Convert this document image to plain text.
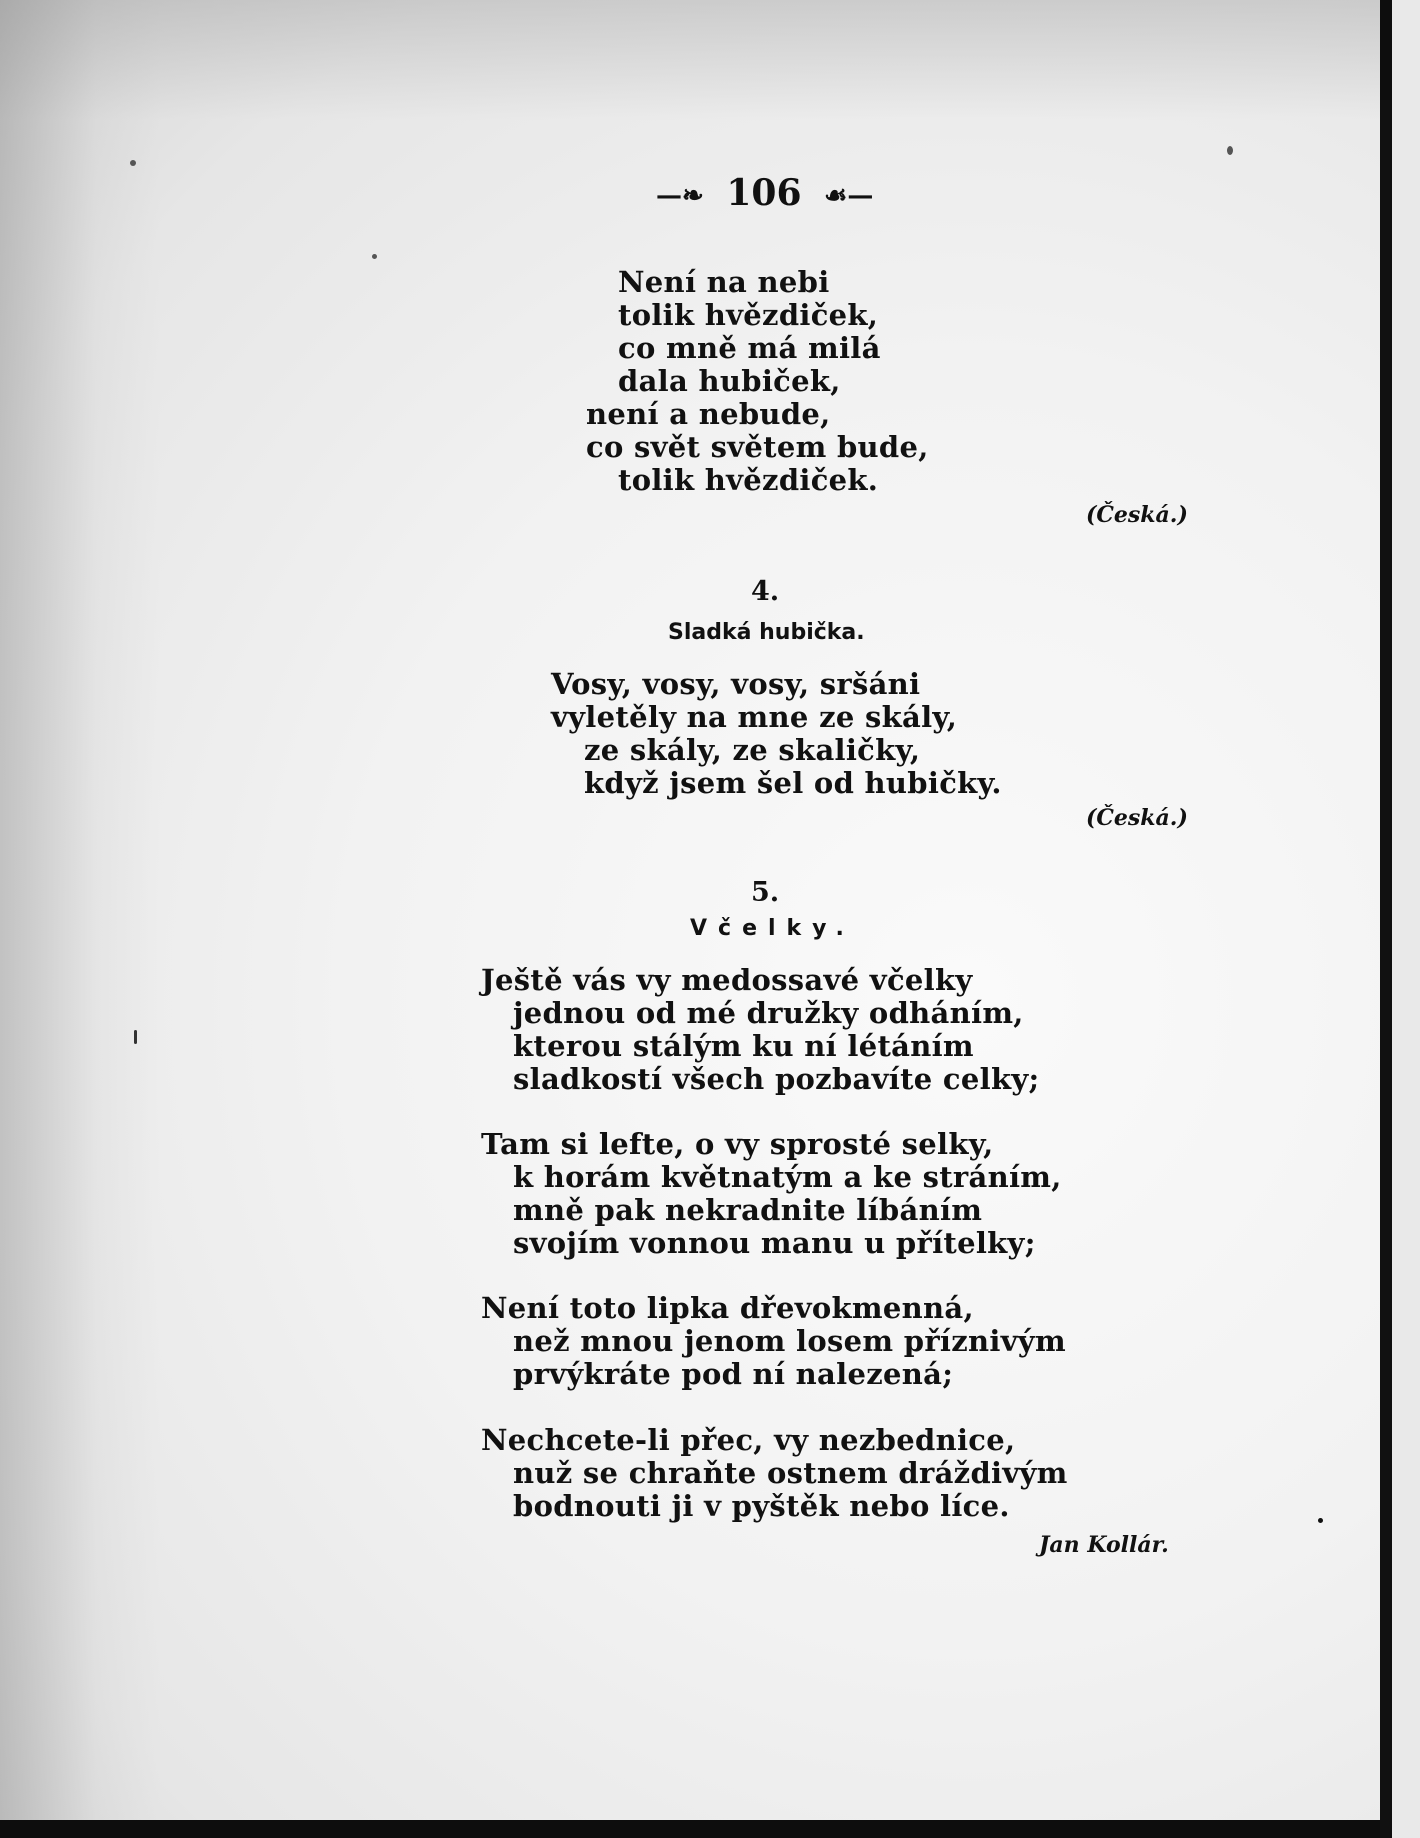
—❧ 106 ☙—
Není na nebi
tolik hvězdiček,
co mně má milá
dala hubiček,
není a nebude,
co svět světem bude,
tolik hvězdiček.
(Česká.)
4.
Sladká hubička.
Vosy, vosy, vosy, sršáni
vyletěly na mne ze skály,
ze skály, ze skaličky,
když jsem šel od hubičky.
(Česká.)
5.
Včelky.
Ještě vás vy medossavé včelky
jednou od mé družky odháním,
kterou stálým ku ní létáním
sladkostí všech pozbavíte celky;
Tam si lefte, o vy sprosté selky,
k horám květnatým a ke stráním,
mně pak nekradnite líbáním
svojím vonnou manu u přítelky;
Není toto lipka dřevokmenná,
než mnou jenom losem příznivým
prvýkráte pod ní nalezená;
Nechcete-li přec, vy nezbednice,
nuž se chraňte ostnem dráždivým
bodnouti ji v pyštěk nebo líce.
Jan Kollár.
